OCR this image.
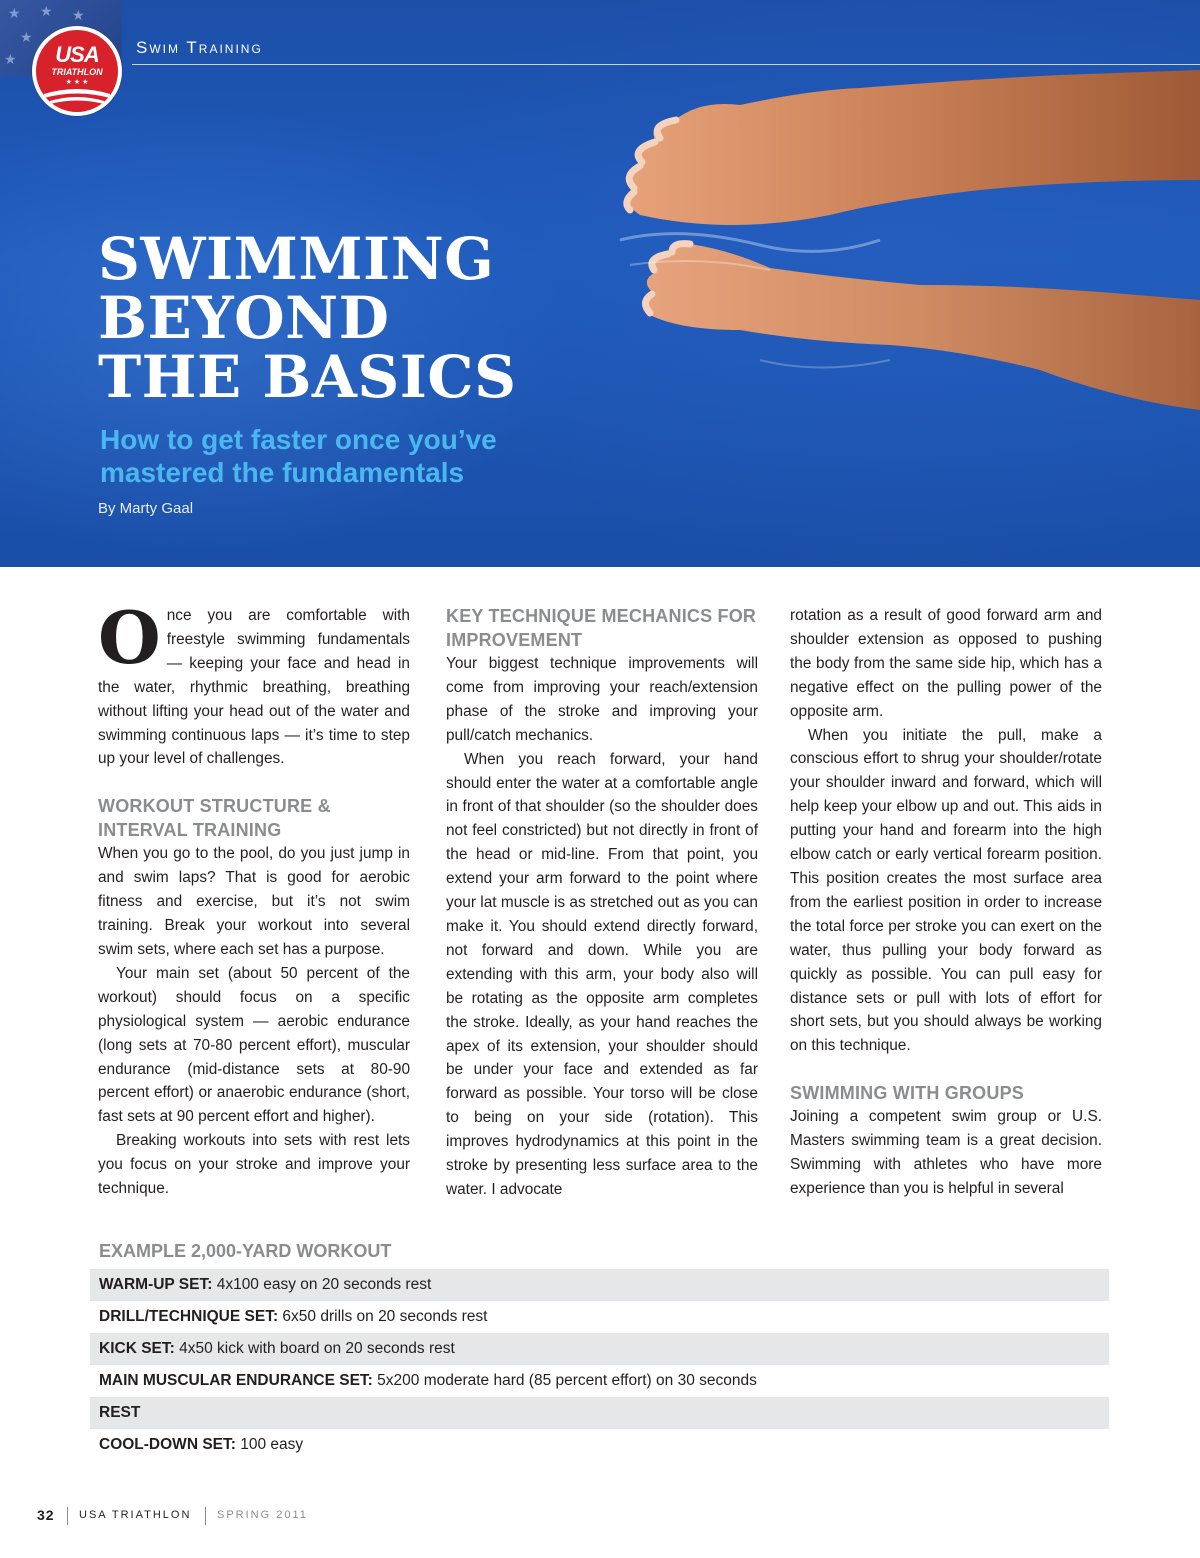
★ ★ ★
★
★	USA
TRIATHLON
★ ★ ★
Swim Training
SWIMMING
BEYOND
THE BASICS
How to get faster once you’ve mastered the fundamentals
By Marty Gaal

Once you are comfortable with freestyle swimming fundamentals — keeping your face and head in the water, rhythmic breathing, breathing without lifting your head out of the water and swimming continuous laps — it’s time to step up your level of challenges.

WORKOUT STRUCTURE & INTERVAL TRAINING

When you go to the pool, do you just jump in and swim laps? That is good for aerobic fitness and exercise, but it’s not swim training. Break your workout into several swim sets, where each set has a purpose.

Your main set (about 50 percent of the workout) should focus on a specific physiological system — aerobic endurance (long sets at 70-80 percent effort), muscular endurance (mid-distance sets at 80-90 percent effort) or anaerobic endurance (short, fast sets at 90 percent effort and higher).

Breaking workouts into sets with rest lets you focus on your stroke and improve your technique.

KEY TECHNIQUE MECHANICS FOR IMPROVEMENT

Your biggest technique improvements will come from improving your reach/extension phase of the stroke and improving your pull/catch mechanics.

When you reach forward, your hand should enter the water at a comfortable angle in front of that shoulder (so the shoulder does not feel constricted) but not directly in front of the head or mid-line. From that point, you extend your arm forward to the point where your lat muscle is as stretched out as you can make it. You should extend directly forward, not forward and down. While you are extending with this arm, your body also will be rotating as the opposite arm completes the stroke. Ideally, as your hand reaches the apex of its extension, your shoulder should be under your face and extended as far forward as possible. Your torso will be close to being on your side (rotation). This improves hydrodynamics at this point in the stroke by presenting less surface area to the water. I advocate

rotation as a result of good forward arm and shoulder extension as opposed to pushing the body from the same side hip, which has a negative effect on the pulling power of the opposite arm.

When you initiate the pull, make a conscious effort to shrug your shoulder/rotate your shoulder inward and forward, which will help keep your elbow up and out. This aids in putting your hand and forearm into the high elbow catch or early vertical forearm position. This position creates the most surface area from the earliest position in order to increase the total force per stroke you can exert on the water, thus pulling your body forward as quickly as possible. You can pull easy for distance sets or pull with lots of effort for short sets, but you should always be working on this technique.

SWIMMING WITH GROUPS

Joining a competent swim group or U.S. Masters swimming team is a great decision. Swimming with athletes who have more experience than you is helpful in several

EXAMPLE 2,000-YARD WORKOUT
WARM-UP SET: 4x100 easy on 20 seconds rest
DRILL/TECHNIQUE SET: 6x50 drills on 20 seconds rest
KICK SET: 4x50 kick with board on 20 seconds rest
MAIN MUSCULAR ENDURANCE SET: 5x200 moderate hard (85 percent effort) on 30 seconds
REST
COOL-DOWN SET: 100 easy
32 USA TRIATHLON SPRING 2011
